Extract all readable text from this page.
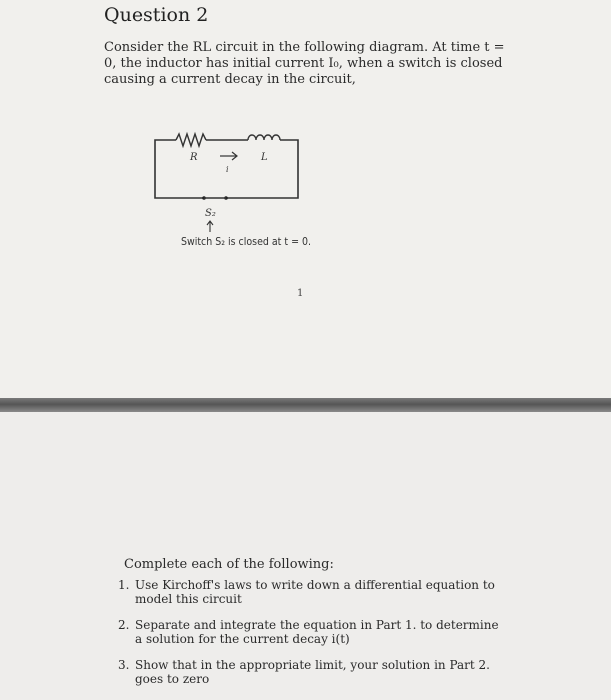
Question 2

Consider the RL circuit in the following diagram. At time t = 0, the inductor has initial current I₀, when a switch is closed causing a current decay in the circuit,

R	L
i
S₂
Switch S₂ is closed at t = 0.
1

Complete each of the following:

1. Use Kirchoff's laws to write down a differential equation to model this circuit
2. Separate and integrate the equation in Part 1. to determine a solution for the current decay i(t)
3. Show that in the appropriate limit, your solution in Part 2. goes to zero
